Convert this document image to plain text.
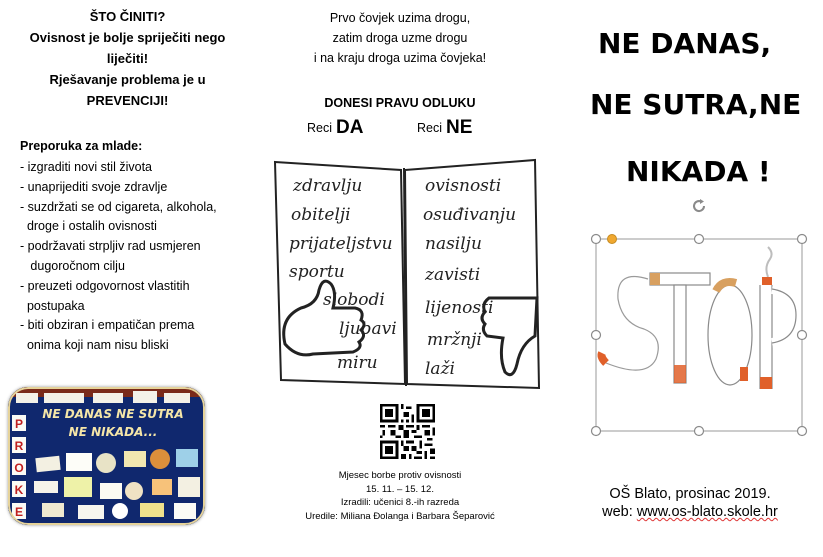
ŠTO ČINITI?
Ovisnost je bolje spriječiti nego
liječiti!
Rješavanje problema je u
PREVENCIJI!
Preporuka za mlade:
- izgraditi novi stil života
- unaprijediti svoje zdravlje
- suzdržati se od cigareta, alkohola,
droge i ostalih ovisnosti
- podržavati strpljiv rad usmjeren
dugoročnom cilju
- preuzeti odgovornost vlastitih
postupaka
- biti obziran i empatičan prema
onima koji nam nisu bliski
P
R
O
K
E
NE DANAS NE SUTRA NE NIKADA...
Prvo čovjek uzima drogu,
zatim droga uzme drogu
i na kraju droga uzima čovjeka!
DONESI PRAVU ODLUKU
Reci DA	Reci NE
zdravlju
obitelji
prijateljstvu
sportu
slobodi
ljubavi
miru
ovisnosti
osuđivanju
nasilju
zavisti
lijenosti
mržnji
laži
Mjesec borbe protiv ovisnosti
15. 11. – 15. 12.
Izradili: učenici 8.-ih razreda
Uredile: Miliana Đolanga i Barbara Šeparović
NE DANAS,
NE SUTRA,NE
NIKADA !
OŠ Blato, prosinac 2019.
web: www.os-blato.skole.hr
